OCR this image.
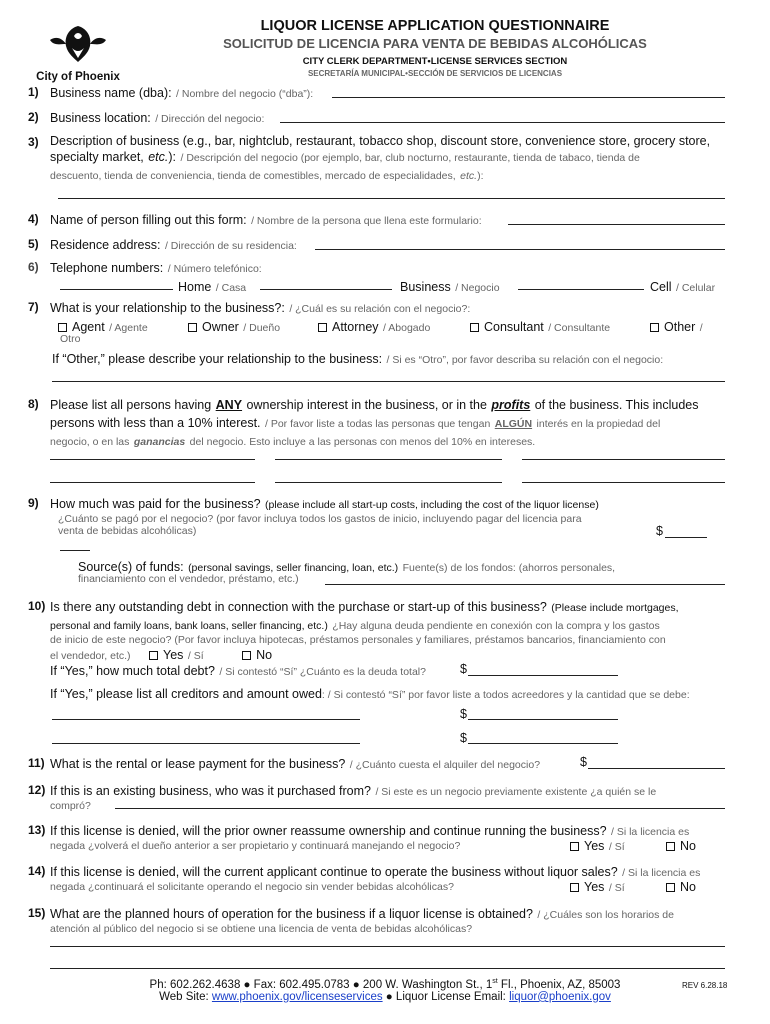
City of Phoenix
LIQUOR LICENSE APPLICATION QUESTIONNAIRE
SOLICITUD DE LICENCIA PARA VENTA DE BEBIDAS ALCOHÓLICAS
CITY CLERK DEPARTMENT•LICENSE SERVICES SECTION
SECRETARÍA MUNICIPAL•SECCIÓN DE SERVICIOS DE LICENCIAS
1) Business name (dba): / Nombre del negocio (“dba”):
2) Business location: / Dirección del negocio:
3) Description of business (e.g., bar, nightclub, restaurant, tobacco shop, discount store, convenience store, grocery store,
specialty market, etc.): / Descripción del negocio (por ejemplo, bar, club nocturno, restaurante, tienda de tabaco, tienda de
descuento, tienda de conveniencia, tienda de comestibles, mercado de especialidades, etc.):
4) Name of person filling out this form: / Nombre de la persona que llena este formulario:
5) Residence address: / Dirección de su residencia:
6) Telephone numbers: / Número telefónico:
Home / Casa	Business / Negocio	Cell / Celular
7) What is your relationship to the business?: / ¿Cuál es su relación con el negocio?:
Agent / Agente	Owner / Dueño	Attorney / Abogado	Consultant / Consultante	Other /
Otro
If “Other,” please describe your relationship to the business: / Si es “Otro”, por favor describa su relación con el negocio:
8) Please list all persons having ANY ownership interest in the business, or in the profits of the business. This includes
persons with less than a 10% interest. / Por favor liste a todas las personas que tengan ALGÚN interés en la propiedad del
negocio, o en las ganancias del negocio. Esto incluye a las personas con menos del 10% en intereses.
9) How much was paid for the business? (please include all start-up costs, including the cost of the liquor license)
¿Cuánto se pagó por el negocio? (por favor incluya todos los gastos de inicio, incluyendo pagar del licencia para
venta de bebidas alcohólicas)	$
Source(s) of funds: (personal savings, seller financing, loan, etc.) Fuente(s) de los fondos: (ahorros personales,
financiamiento con el vendedor, préstamo, etc.)
10) Is there any outstanding debt in connection with the purchase or start-up of this business? (Please include mortgages,
personal and family loans, bank loans, seller financing, etc.) ¿Hay alguna deuda pendiente en conexión con la compra y los gastos
de inicio de este negocio? (Por favor incluya hipotecas, préstamos personales y familiares, préstamos bancarios, financiamiento con
el vendedor, etc.)	Yes / Sí	No
If “Yes,” how much total debt? / Si contestó “Sí” ¿Cuánto es la deuda total?	$
If “Yes,” please list all creditors and amount owed: / Si contestó “Sí” por favor liste a todos acreedores y la cantidad que se debe:
$
$
11) What is the rental or lease payment for the business? / ¿Cuánto cuesta el alquiler del negocio?	$
12) If this is an existing business, who was it purchased from? / Si este es un negocio previamente existente ¿a quién se le
compró?
13) If this license is denied, will the prior owner reassume ownership and continue running the business? / Si la licencia es
negada ¿volverá el dueño anterior a ser propietario y continuará manejando el negocio?	Yes / Sí	No
14) If this license is denied, will the current applicant continue to operate the business without liquor sales? / Si la licencia es
negada ¿continuará el solicitante operando el negocio sin vender bebidas alcohólicas?	Yes / Sí	No
15) What are the planned hours of operation for the business if a liquor license is obtained? / ¿Cuáles son los horarios de
atención al público del negocio si se obtiene una licencia de venta de bebidas alcohólicas?
Ph: 602.262.4638 ● Fax: 602.495.0783 ● 200 W. Washington St., 1st Fl., Phoenix, AZ, 85003
Web Site: www.phoenix.gov/licenseservices ● Liquor License Email: liquor@phoenix.gov
REV 6.28.18
